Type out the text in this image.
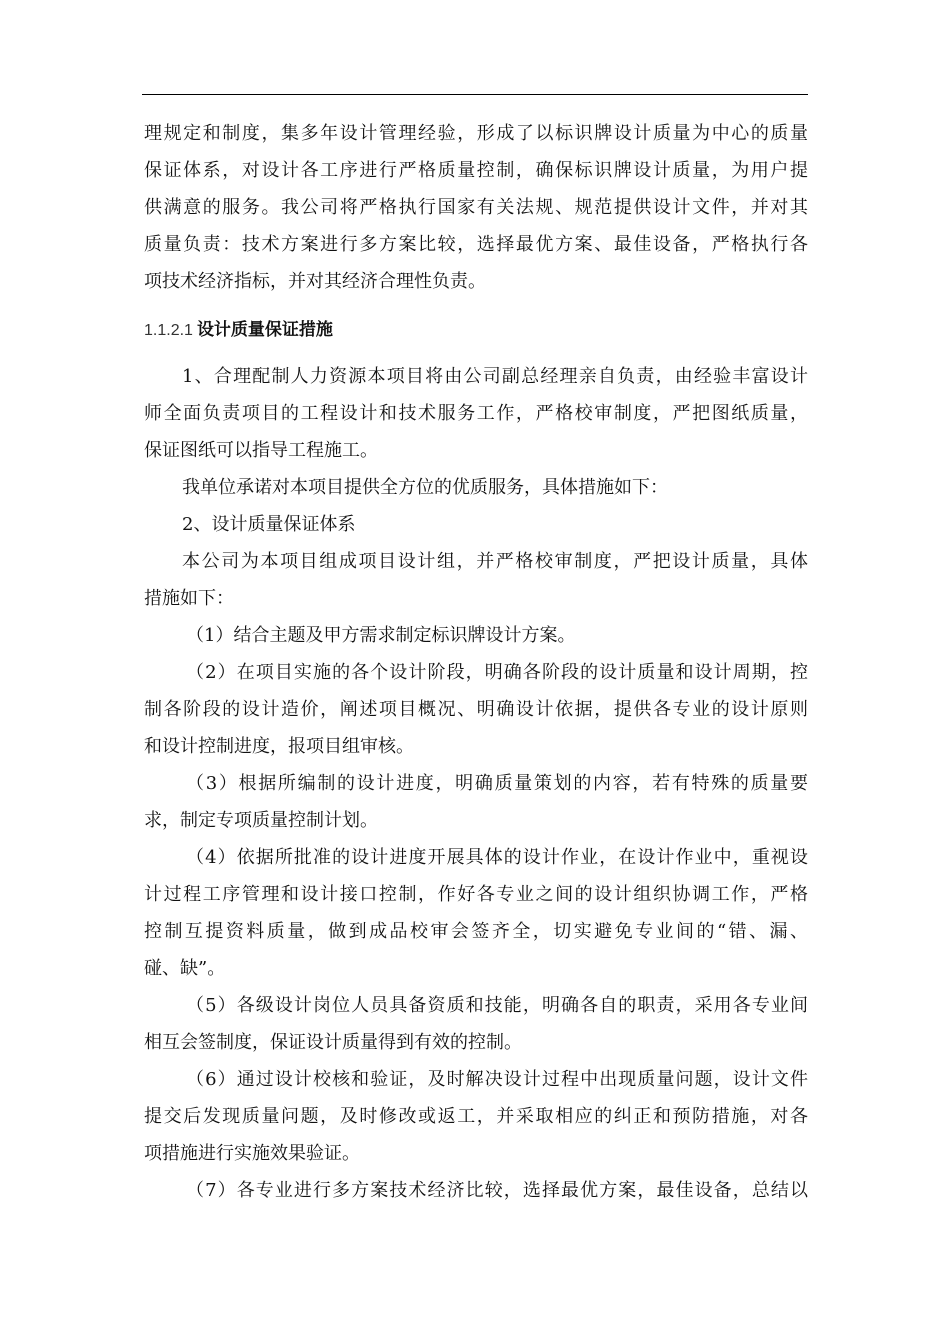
理规定和制度，集多年设计管理经验，形成了以标识牌设计质量为中心的质量
保证体系，对设计各工序进行严格质量控制，确保标识牌设计质量，为用户提
供满意的服务。我公司将严格执行国家有关法规、规范提供设计文件，并对其
质量负责：技术方案进行多方案比较，选择最优方案、最佳设备，严格执行各
项技术经济指标，并对其经济合理性负责。
1.1.2.1 设计质量保证措施
1、合理配制人力资源本项目将由公司副总经理亲自负责，由经验丰富设计
师全面负责项目的工程设计和技术服务工作，严格校审制度，严把图纸质量，
保证图纸可以指导工程施工。
我单位承诺对本项目提供全方位的优质服务，具体措施如下：
2、设计质量保证体系
本公司为本项目组成项目设计组，并严格校审制度，严把设计质量，具体
措施如下：
（1）结合主题及甲方需求制定标识牌设计方案。
（2）在项目实施的各个设计阶段，明确各阶段的设计质量和设计周期，控
制各阶段的设计造价，阐述项目概况、明确设计依据，提供各专业的设计原则
和设计控制进度，报项目组审核。
（3）根据所编制的设计进度，明确质量策划的内容，若有特殊的质量要
求，制定专项质量控制计划。
（4）依据所批准的设计进度开展具体的设计作业，在设计作业中，重视设
计过程工序管理和设计接口控制，作好各专业之间的设计组织协调工作，严格
控制互提资料质量，做到成品校审会签齐全，切实避免专业间的“错、漏、
碰、缺”。
（5）各级设计岗位人员具备资质和技能，明确各自的职责，采用各专业间
相互会签制度，保证设计质量得到有效的控制。
（6）通过设计校核和验证，及时解决设计过程中出现质量问题，设计文件
提交后发现质量问题，及时修改或返工，并采取相应的纠正和预防措施，对各
项措施进行实施效果验证。
（7）各专业进行多方案技术经济比较，选择最优方案，最佳设备，总结以
